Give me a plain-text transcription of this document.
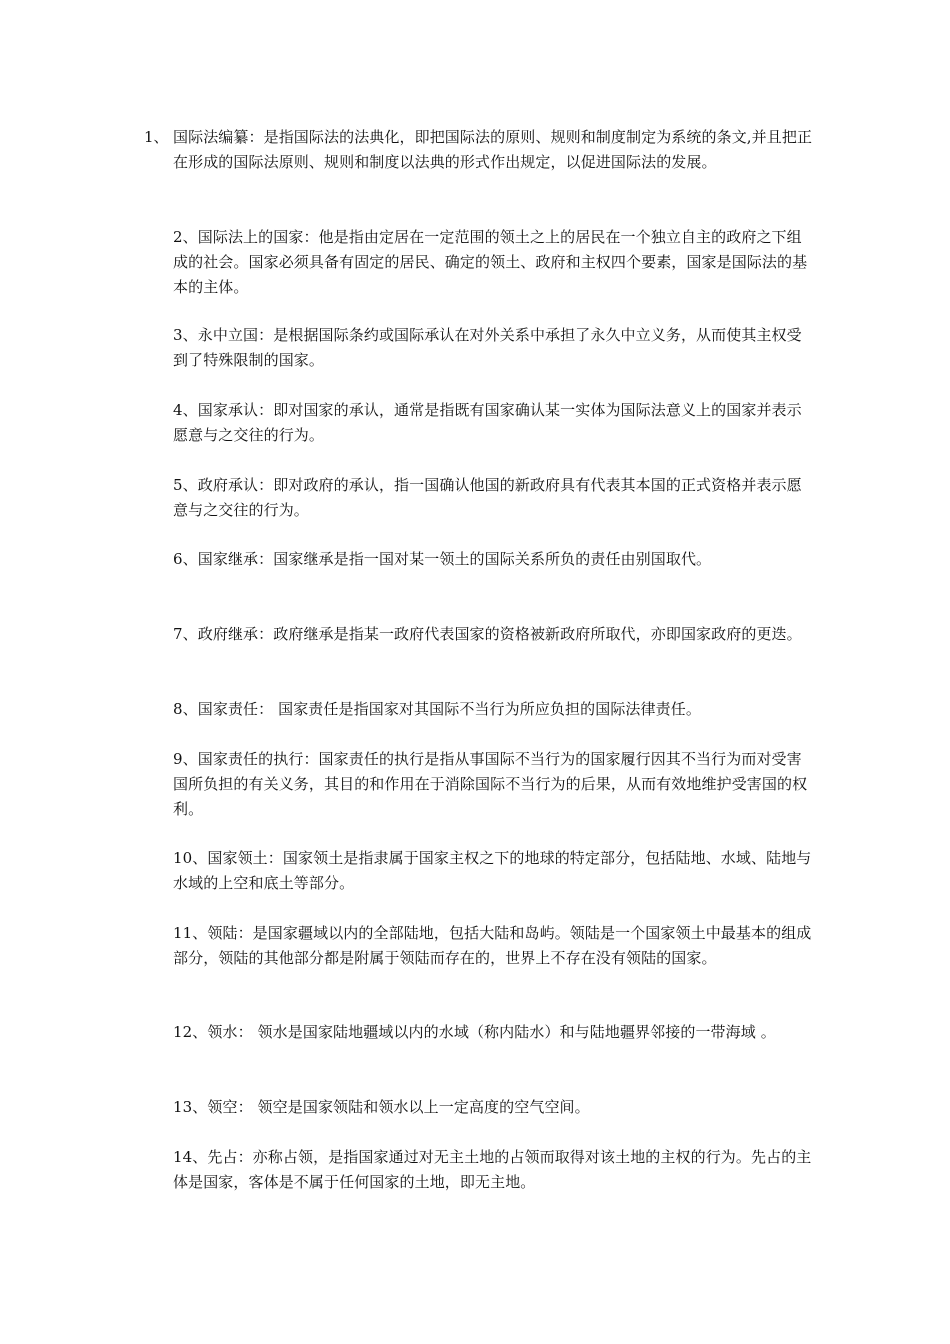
1、 国际法编纂：是指国际法的法典化，即把国际法的原则、规则和制度制定为系统的条文,并且把正在形成的国际法原则、规则和制度以法典的形式作出规定，以促进国际法的发展。
2、国际法上的国家：他是指由定居在一定范围的领土之上的居民在一个独立自主的政府之下组成的社会。国家必须具备有固定的居民、确定的领土、政府和主权四个要素，国家是国际法的基本的主体。
3、永中立国：是根据国际条约或国际承认在对外关系中承担了永久中立义务，从而使其主权受到了特殊限制的国家。
4、国家承认：即对国家的承认，通常是指既有国家确认某一实体为国际法意义上的国家并表示愿意与之交往的行为。
5、政府承认：即对政府的承认，指一国确认他国的新政府具有代表其本国的正式资格并表示愿意与之交往的行为。
6、国家继承：国家继承是指一国对某一领土的国际关系所负的责任由别国取代。
7、政府继承：政府继承是指某一政府代表国家的资格被新政府所取代，亦即国家政府的更迭。
8、国家责任： 国家责任是指国家对其国际不当行为所应负担的国际法律责任。
9、国家责任的执行：国家责任的执行是指从事国际不当行为的国家履行因其不当行为而对受害国所负担的有关义务，其目的和作用在于消除国际不当行为的后果，从而有效地维护受害国的权利。
10、国家领土：国家领土是指隶属于国家主权之下的地球的特定部分，包括陆地、水域、陆地与水域的上空和底土等部分。
11、领陆：是国家疆域以内的全部陆地，包括大陆和岛屿。领陆是一个国家领土中最基本的组成部分，领陆的其他部分都是附属于领陆而存在的，世界上不存在没有领陆的国家。
12、领水： 领水是国家陆地疆域以内的水域（称内陆水）和与陆地疆界邻接的一带海域 。
13、领空： 领空是国家领陆和领水以上一定高度的空气空间。
14、先占：亦称占领，是指国家通过对无主土地的占领而取得对该土地的主权的行为。先占的主体是国家，客体是不属于任何国家的土地，即无主地。
